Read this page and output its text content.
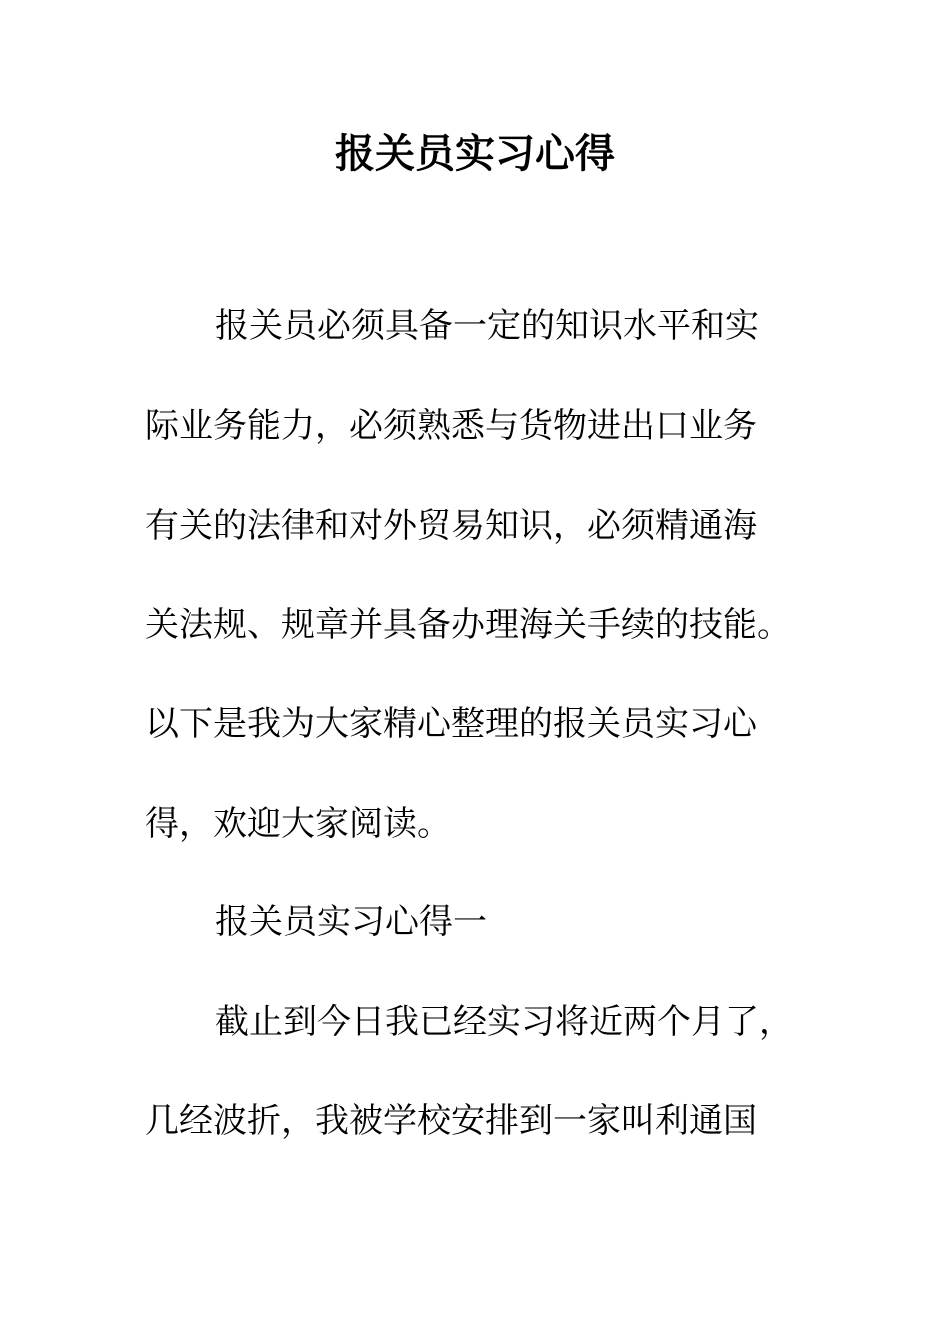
报关员实习心得

报关员必须具备一定的知识水平和实

际业务能力，必须熟悉与货物进出口业务

有关的法律和对外贸易知识，必须精通海

关法规、规章并具备办理海关手续的技能。

以下是我为大家精心整理的报关员实习心

得，欢迎大家阅读。

报关员实习心得一

截止到今日我已经实习将近两个月了，

几经波折，我被学校安排到一家叫利通国
